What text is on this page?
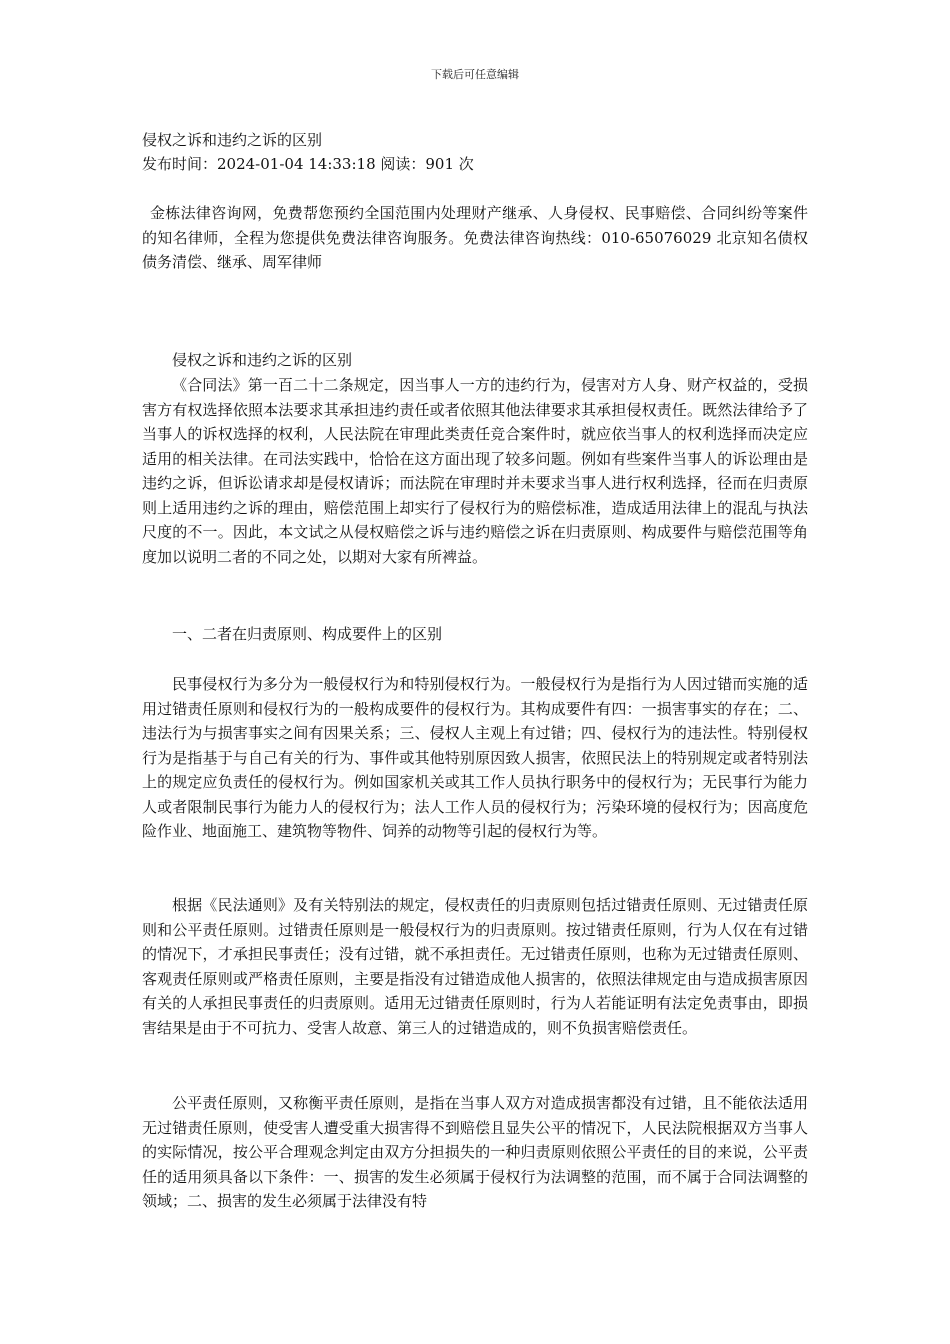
下载后可任意编辑
侵权之诉和违约之诉的区别
发布时间：2024-01-04 14:33:18 阅读：901 次
金栋法律咨询网，免费帮您预约全国范围内处理财产继承、人身侵权、民事赔偿、合同纠纷等案件的知名律师，全程为您提供免费法律咨询服务。免费法律咨询热线：010-65076029 北京知名债权债务清偿、继承、周军律师
侵权之诉和违约之诉的区别
《合同法》第一百二十二条规定，因当事人一方的违约行为，侵害对方人身、财产权益的，受损害方有权选择依照本法要求其承担违约责任或者依照其他法律要求其承担侵权责任。既然法律给予了当事人的诉权选择的权利，人民法院在审理此类责任竞合案件时，就应依当事人的权利选择而决定应适用的相关法律。在司法实践中，恰恰在这方面出现了较多问题。例如有些案件当事人的诉讼理由是违约之诉，但诉讼请求却是侵权请诉；而法院在审理时并未要求当事人进行权利选择，径而在归责原则上适用违约之诉的理由，赔偿范围上却实行了侵权行为的赔偿标准，造成适用法律上的混乱与执法尺度的不一。因此，本文试之从侵权赔偿之诉与违约赔偿之诉在归责原则、构成要件与赔偿范围等角度加以说明二者的不同之处，以期对大家有所裨益。
一、二者在归责原则、构成要件上的区别
民事侵权行为多分为一般侵权行为和特别侵权行为。一般侵权行为是指行为人因过错而实施的适用过错责任原则和侵权行为的一般构成要件的侵权行为。其构成要件有四：一损害事实的存在；二、违法行为与损害事实之间有因果关系；三、侵权人主观上有过错；四、侵权行为的违法性。特别侵权行为是指基于与自己有关的行为、事件或其他特别原因致人损害，依照民法上的特别规定或者特别法上的规定应负责任的侵权行为。例如国家机关或其工作人员执行职务中的侵权行为；无民事行为能力人或者限制民事行为能力人的侵权行为；法人工作人员的侵权行为；污染环境的侵权行为；因高度危险作业、地面施工、建筑物等物件、饲养的动物等引起的侵权行为等。
根据《民法通则》及有关特别法的规定，侵权责任的归责原则包括过错责任原则、无过错责任原则和公平责任原则。过错责任原则是一般侵权行为的归责原则。按过错责任原则，行为人仅在有过错的情况下，才承担民事责任；没有过错，就不承担责任。无过错责任原则，也称为无过错责任原则、客观责任原则或严格责任原则，主要是指没有过错造成他人损害的，依照法律规定由与造成损害原因有关的人承担民事责任的归责原则。适用无过错责任原则时，行为人若能证明有法定免责事由，即损害结果是由于不可抗力、受害人故意、第三人的过错造成的，则不负损害赔偿责任。
公平责任原则，又称衡平责任原则，是指在当事人双方对造成损害都没有过错，且不能依法适用无过错责任原则，使受害人遭受重大损害得不到赔偿且显失公平的情况下，人民法院根据双方当事人的实际情况，按公平合理观念判定由双方分担损失的一种归责原则依照公平责任的目的来说，公平责任的适用须具备以下条件：一、损害的发生必须属于侵权行为法调整的范围，而不属于合同法调整的领域；二、损害的发生必须属于法律没有特
